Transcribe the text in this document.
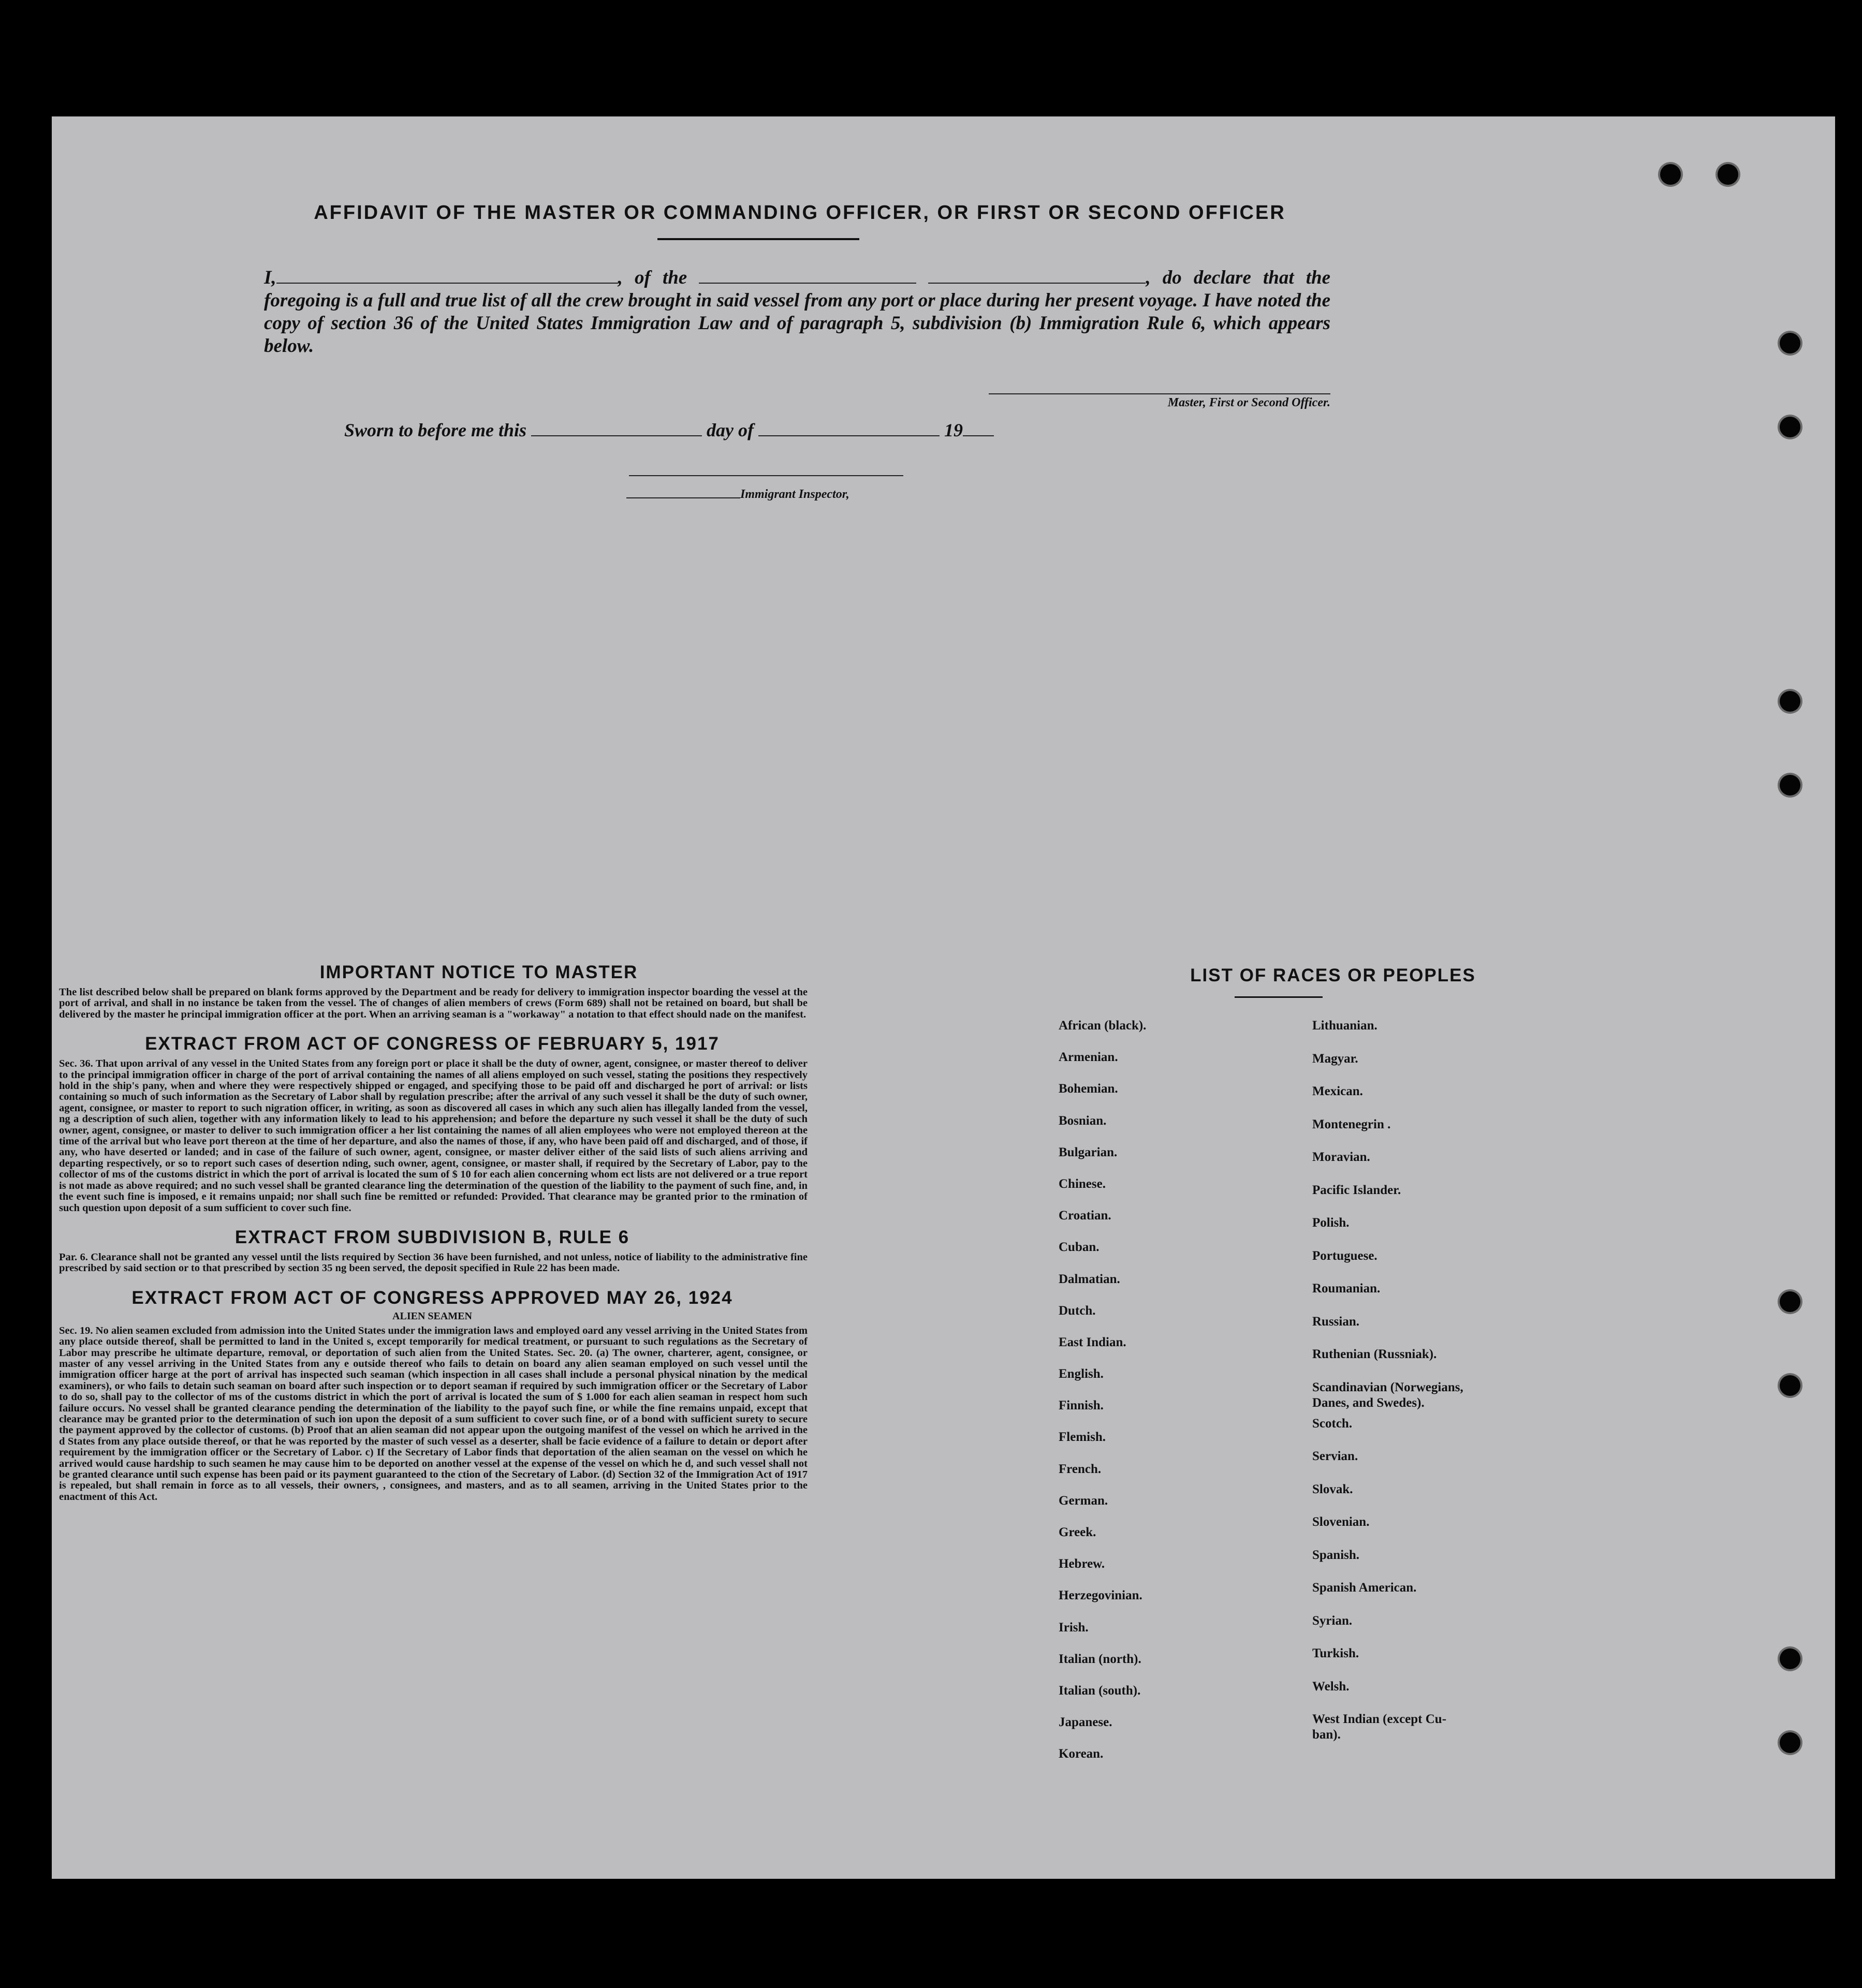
AFFIDAVIT OF THE MASTER OR COMMANDING OFFICER, OR FIRST OR SECOND OFFICER
I,	, of the	, do declare that the foregoing is a full and true list of all the crew brought in said vessel from any port or place during her present voyage. I have noted the copy of section 36 of the United States Immigration Law and of paragraph 5, subdivision (b) Immigration Rule 6, which appears below.
Master, First or Second Officer.
Sworn to before me this	day of	19
Immigrant Inspector,

IMPORTANT NOTICE TO MASTER

The list described below shall be prepared on blank forms approved by the Department and be ready for delivery to immigration inspector boarding the vessel at the port of arrival, and shall in no instance be taken from the vessel. The of changes of alien members of crews (Form 689) shall not be retained on board, but shall be delivered by the master he principal immigration officer at the port. When an arriving seaman is a "workaway" a notation to that effect should nade on the manifest.

EXTRACT FROM ACT OF CONGRESS OF FEBRUARY 5, 1917

Sec. 36. That upon arrival of any vessel in the United States from any foreign port or place it shall be the duty of owner, agent, consignee, or master thereof to deliver to the principal immigration officer in charge of the port of arrival containing the names of all aliens employed on such vessel, stating the positions they respectively hold in the ship's pany, when and where they were respectively shipped or engaged, and specifying those to be paid off and discharged he port of arrival: or lists containing so much of such information as the Secretary of Labor shall by regulation prescribe; after the arrival of any such vessel it shall be the duty of such owner, agent, consignee, or master to report to such nigration officer, in writing, as soon as discovered all cases in which any such alien has illegally landed from the vessel, ng a description of such alien, together with any information likely to lead to his apprehension; and before the departure ny such vessel it shall be the duty of such owner, agent, consignee, or master to deliver to such immigration officer a her list containing the names of all alien employees who were not employed thereon at the time of the arrival but who leave port thereon at the time of her departure, and also the names of those, if any, who have been paid off and discharged, and of those, if any, who have deserted or landed; and in case of the failure of such owner, agent, consignee, or master deliver either of the said lists of such aliens arriving and departing respectively, or so to report such cases of desertion nding, such owner, agent, consignee, or master shall, if required by the Secretary of Labor, pay to the collector of ms of the customs district in which the port of arrival is located the sum of $ 10 for each alien concerning whom ect lists are not delivered or a true report is not made as above required; and no such vessel shall be granted clearance ling the determination of the question of the liability to the payment of such fine, and, in the event such fine is imposed, e it remains unpaid; nor shall such fine be remitted or refunded: Provided. That clearance may be granted prior to the rmination of such question upon deposit of a sum sufficient to cover such fine.

EXTRACT FROM SUBDIVISION B, RULE 6

Par. 6. Clearance shall not be granted any vessel until the lists required by Section 36 have been furnished, and not unless, notice of liability to the administrative fine prescribed by said section or to that prescribed by section 35 ng been served, the deposit specified in Rule 22 has been made.

EXTRACT FROM ACT OF CONGRESS APPROVED MAY 26, 1924

ALIEN SEAMEN

Sec. 19. No alien seamen excluded from admission into the United States under the immigration laws and employed oard any vessel arriving in the United States from any place outside thereof, shall be permitted to land in the United s, except temporarily for medical treatment, or pursuant to such regulations as the Secretary of Labor may prescribe he ultimate departure, removal, or deportation of such alien from the United States. Sec. 20. (a) The owner, charterer, agent, consignee, or master of any vessel arriving in the United States from any e outside thereof who fails to detain on board any alien seaman employed on such vessel until the immigration officer harge at the port of arrival has inspected such seaman (which inspection in all cases shall include a personal physical nination by the medical examiners), or who fails to detain such seaman on board after such inspection or to deport seaman if required by such immigration officer or the Secretary of Labor to do so, shall pay to the collector of ms of the customs district in which the port of arrival is located the sum of $ 1.000 for each alien seaman in respect hom such failure occurs. No vessel shall be granted clearance pending the determination of the liability to the payof such fine, or while the fine remains unpaid, except that clearance may be granted prior to the determination of such ion upon the deposit of a sum sufficient to cover such fine, or of a bond with sufficient surety to secure the payment approved by the collector of customs. (b) Proof that an alien seaman did not appear upon the outgoing manifest of the vessel on which he arrived in the d States from any place outside thereof, or that he was reported by the master of such vessel as a deserter, shall be facie evidence of a failure to detain or deport after requirement by the immigration officer or the Secretary of Labor. c) If the Secretary of Labor finds that deportation of the alien seaman on the vessel on which he arrived would cause hardship to such seamen he may cause him to be deported on another vessel at the expense of the vessel on which he d, and such vessel shall not be granted clearance until such expense has been paid or its payment guaranteed to the ction of the Secretary of Labor. (d) Section 32 of the Immigration Act of 1917 is repealed, but shall remain in force as to all vessels, their owners, , consignees, and masters, and as to all seamen, arriving in the United States prior to the enactment of this Act.

LIST OF RACES OR PEOPLES
African (black).
Armenian.
Bohemian.
Bosnian.
Bulgarian.
Chinese.
Croatian.
Cuban.
Dalmatian.
Dutch.
East Indian.
English.
Finnish.
Flemish.
French.
German.
Greek.
Hebrew.
Herzegovinian.
Irish.
Italian (north).
Italian (south).
Japanese.
Korean.
Lithuanian.
Magyar.
Mexican.
Montenegrin .
Moravian.
Pacific Islander.
Polish.
Portuguese.
Roumanian.
Russian.
Ruthenian (Russniak).
Scandinavian (Norwegians,
Danes, and Swedes).
Scotch.
Servian.
Slovak.
Slovenian.
Spanish.
Spanish American.
Syrian.
Turkish.
Welsh.
West Indian (except Cu-
ban).
